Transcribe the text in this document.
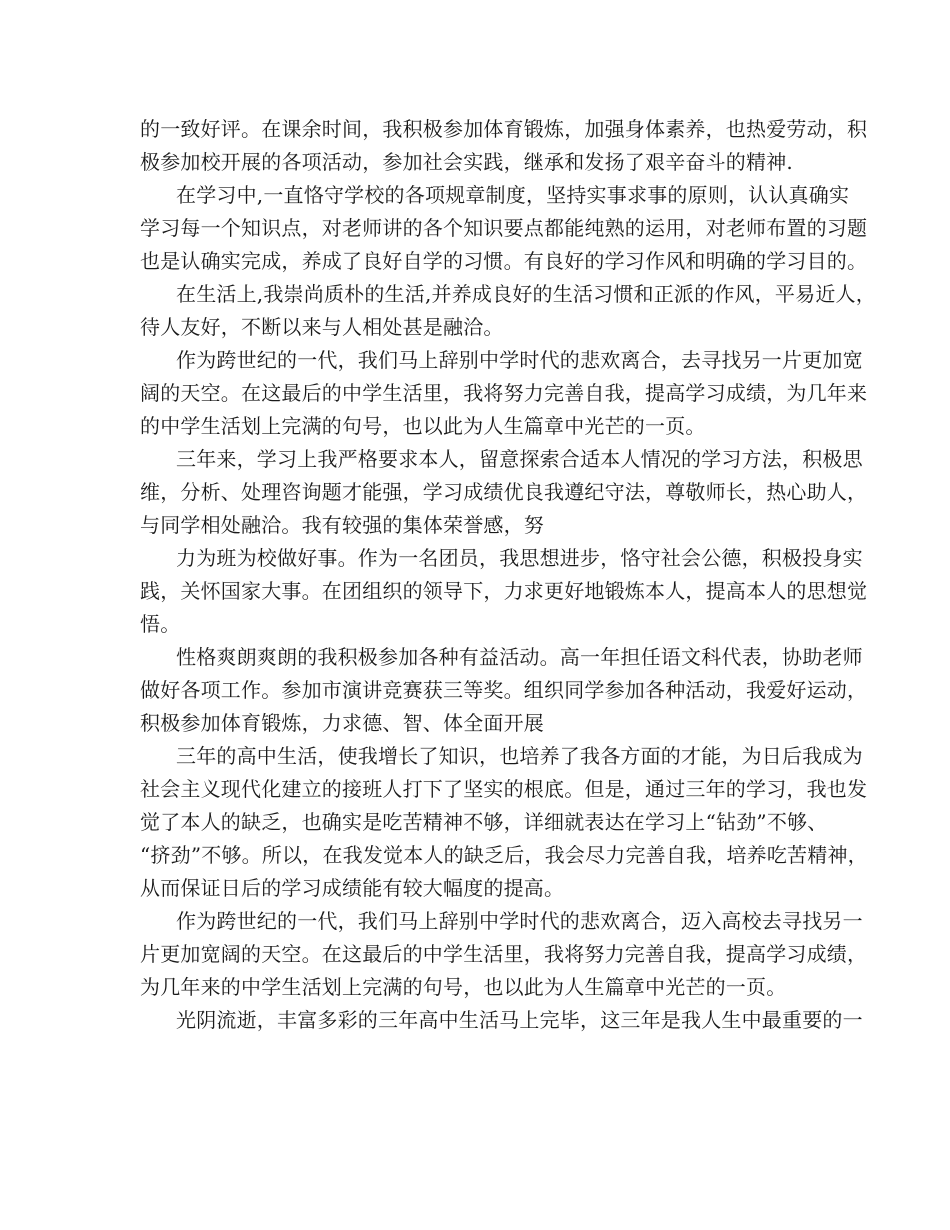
的一致好评。在课余时间，我积极参加体育锻炼，加强身体素养，也热爱劳动，积
极参加校开展的各项活动，参加社会实践，继承和发扬了艰辛奋斗的精神.
在学习中,一直恪守学校的各项规章制度，坚持实事求事的原则，认认真确实
学习每一个知识点，对老师讲的各个知识要点都能纯熟的运用，对老师布置的习题
也是认确实完成，养成了良好自学的习惯。有良好的学习作风和明确的学习目的。
在生活上,我崇尚质朴的生活,并养成良好的生活习惯和正派的作风，平易近人，
待人友好，不断以来与人相处甚是融洽。
作为跨世纪的一代，我们马上辞别中学时代的悲欢离合，去寻找另一片更加宽
阔的天空。在这最后的中学生活里，我将努力完善自我，提高学习成绩，为几年来
的中学生活划上完满的句号，也以此为人生篇章中光芒的一页。
三年来，学习上我严格要求本人，留意探索合适本人情况的学习方法，积极思
维，分析、处理咨询题才能强，学习成绩优良我遵纪守法，尊敬师长，热心助人，
与同学相处融洽。我有较强的集体荣誉感，努
力为班为校做好事。作为一名团员，我思想进步，恪守社会公德，积极投身实
践，关怀国家大事。在团组织的领导下，力求更好地锻炼本人，提高本人的思想觉
悟。
性格爽朗爽朗的我积极参加各种有益活动。高一年担任语文科代表，协助老师
做好各项工作。参加市演讲竞赛获三等奖。组织同学参加各种活动，我爱好运动，
积极参加体育锻炼，力求德、智、体全面开展
三年的高中生活，使我增长了知识，也培养了我各方面的才能，为日后我成为
社会主义现代化建立的接班人打下了坚实的根底。但是，通过三年的学习，我也发
觉了本人的缺乏，也确实是吃苦精神不够，详细就表达在学习上“钻劲”不够、
“挤劲”不够。所以，在我发觉本人的缺乏后，我会尽力完善自我，培养吃苦精神，
从而保证日后的学习成绩能有较大幅度的提高。
作为跨世纪的一代，我们马上辞别中学时代的悲欢离合，迈入高校去寻找另一
片更加宽阔的天空。在这最后的中学生活里，我将努力完善自我，提高学习成绩，
为几年来的中学生活划上完满的句号，也以此为人生篇章中光芒的一页。
光阴流逝，丰富多彩的三年高中生活马上完毕，这三年是我人生中最重要的一
